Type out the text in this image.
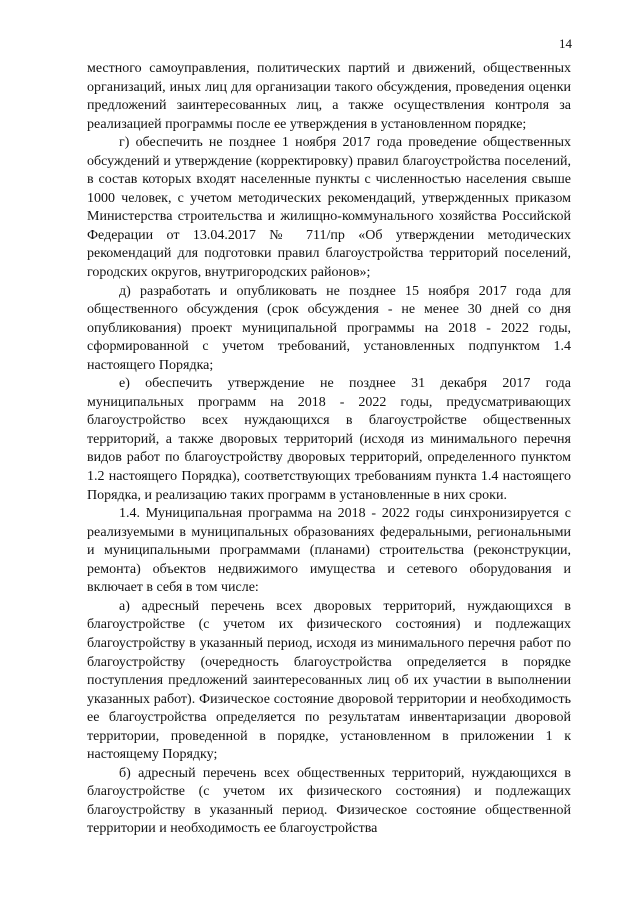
14

местного самоуправления, политических партий и движений, общественных организаций, иных лиц для организации такого обсуждения, проведения оценки предложений заинтересованных лиц, а также осуществления контроля за реализацией программы после ее утверждения в установленном порядке;

г) обеспечить не позднее 1 ноября 2017 года проведение общественных обсуждений и утверждение (корректировку) правил благоустройства поселений, в состав которых входят населенные пункты с численностью населения свыше 1000 человек, с учетом методических рекомендаций, утвержденных приказом Министерства строительства и жилищно-коммунального хозяйства Российской Федерации от 13.04.2017 № 711/пр «Об утверждении методических рекомендаций для подготовки правил благоустройства территорий поселений, городских округов, внутригородских районов»;

д) разработать и опубликовать не позднее 15 ноября 2017 года для общественного обсуждения (срок обсуждения - не менее 30 дней со дня опубликования) проект муниципальной программы на 2018 - 2022 годы, сформированной с учетом требований, установленных подпунктом 1.4 настоящего Порядка;

е) обеспечить утверждение не позднее 31 декабря 2017 года муниципальных программ на 2018 - 2022 годы, предусматривающих благоустройство всех нуждающихся в благоустройстве общественных территорий, а также дворовых территорий (исходя из минимального перечня видов работ по благоустройству дворовых территорий, определенного пунктом 1.2 настоящего Порядка), соответствующих требованиям пункта 1.4 настоящего Порядка, и реализацию таких программ в установленные в них сроки.

1.4. Муниципальная программа на 2018 - 2022 годы синхронизируется с реализуемыми в муниципальных образованиях федеральными, региональными и муниципальными программами (планами) строительства (реконструкции, ремонта) объектов недвижимого имущества и сетевого оборудования и включает в себя в том числе:

а) адресный перечень всех дворовых территорий, нуждающихся в благоустройстве (с учетом их физического состояния) и подлежащих благоустройству в указанный период, исходя из минимального перечня работ по благоустройству (очередность благоустройства определяется в порядке поступления предложений заинтересованных лиц об их участии в выполнении указанных работ). Физическое состояние дворовой территории и необходимость ее благоустройства определяется по результатам инвентаризации дворовой территории, проведенной в порядке, установленном в приложении 1 к настоящему Порядку;

б) адресный перечень всех общественных территорий, нуждающихся в благоустройстве (с учетом их физического состояния) и подлежащих благоустройству в указанный период. Физическое состояние общественной территории и необходимость ее благоустройства
